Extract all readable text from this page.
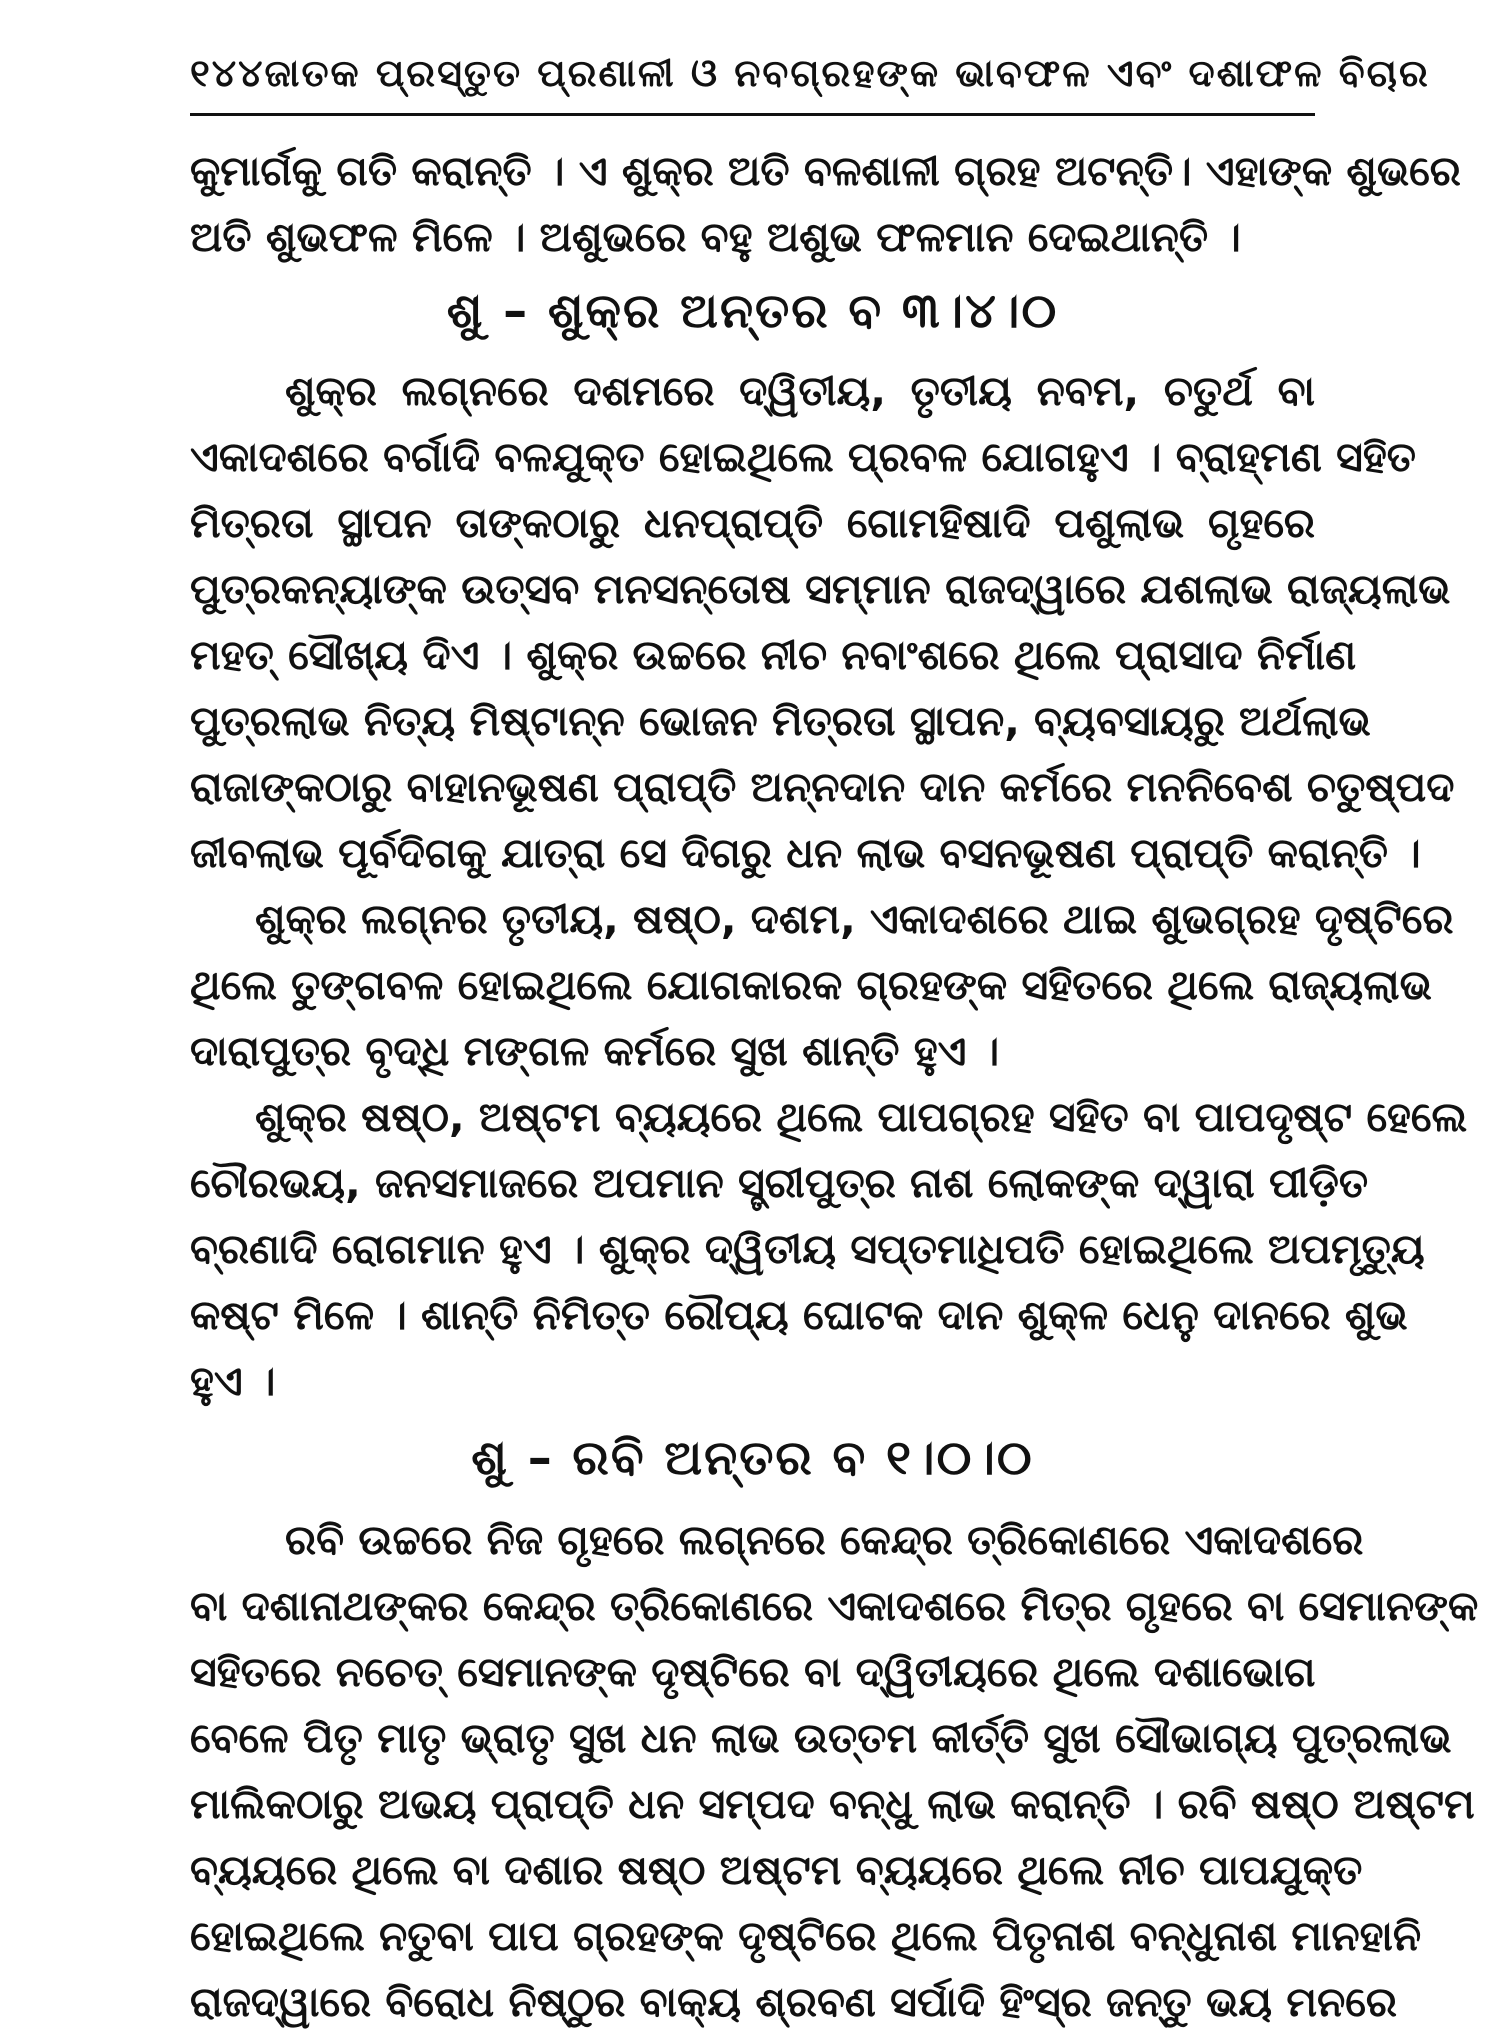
୧୪୪ ଜାତକ ପ୍ରସ୍ତୁତ ପ୍ରଣାଳୀ ଓ ନବଗ୍ରହଙ୍କ ଭାବଫଳ ଏବଂ ଦଶାଫଳ ବିଚାର
କୁମାର୍ଗକୁ ଗତି କରାନ୍ତି । ଏ ଶୁକ୍ର ଅତି ବଳଶାଳୀ ଗ୍ରହ ଅଟନ୍ତି। ଏହାଙ୍କ ଶୁଭରେ
ଅତି ଶୁଭଫଳ ମିଳେ । ଅଶୁଭରେ ବହୁ ଅଶୁଭ ଫଳମାନ ଦେଇଥାନ୍ତି ।
ଶୁ – ଶୁକ୍ର ଅନ୍ତର ବ ୩।୪।୦
ଶୁକ୍ର ଲଗ୍ନରେ ଦଶମରେ ଦ୍ୱିତୀୟ, ତୃତୀୟ ନବମ, ଚତୁର୍ଥ ବା
ଏକାଦଶରେ ବର୍ଗାଦି ବଳଯୁକ୍ତ ହୋଇଥିଲେ ପ୍ରବଳ ଯୋଗହୁଏ । ବ୍ରାହ୍ମଣ ସହିତ
ମିତ୍ରତା ସ୍ଥାପନ ତାଙ୍କଠାରୁ ଧନପ୍ରାପ୍ତି ଗୋମହିଷାଦି ପଶୁଲାଭ ଗୃହରେ
ପୁତ୍ରକନ୍ୟାଙ୍କ ଉତ୍ସବ ମନସନ୍ତୋଷ ସମ୍ମାନ ରାଜଦ୍ୱାରେ ଯଶଲାଭ ରାଜ୍ୟଲାଭ
ମହତ୍ ସୌଖ୍ୟ ଦିଏ । ଶୁକ୍ର ଉଚ୍ଚରେ ନୀଚ ନବାଂଶରେ ଥିଲେ ପ୍ରାସାଦ ନିର୍ମାଣ
ପୁତ୍ରଲାଭ ନିତ୍ୟ ମିଷ୍ଟାନ୍ନ ଭୋଜନ ମିତ୍ରତା ସ୍ଥାପନ, ବ୍ୟବସାୟରୁ ଅର୍ଥଲାଭ
ରାଜାଙ୍କଠାରୁ ବାହାନଭୂଷଣ ପ୍ରାପ୍ତି ଅନ୍ନଦାନ ଦାନ କର୍ମରେ ମନନିବେଶ ଚତୁଷ୍ପଦ
ଜୀବଲାଭ ପୂର୍ବଦିଗକୁ ଯାତ୍ରା ସେ ଦିଗରୁ ଧନ ଲାଭ ବସନଭୂଷଣ ପ୍ରାପ୍ତି କରାନ୍ତି ।
ଶୁକ୍ର ଲଗ୍ନର ତୃତୀୟ, ଷଷ୍ଠ, ଦଶମ, ଏକାଦଶରେ ଥାଇ ଶୁଭଗ୍ରହ ଦୃଷ୍ଟିରେ
ଥିଲେ ତୁଙ୍ଗବଳ ହୋଇଥିଲେ ଯୋଗକାରକ ଗ୍ରହଙ୍କ ସହିତରେ ଥିଲେ ରାଜ୍ୟଲାଭ
ଦାରାପୁତ୍ର ବୃଦ୍ଧି ମଙ୍ଗଳ କର୍ମରେ ସୁଖ ଶାନ୍ତି ହୁଏ ।
ଶୁକ୍ର ଷଷ୍ଠ, ଅଷ୍ଟମ ବ୍ୟୟରେ ଥିଲେ ପାପଗ୍ରହ ସହିତ ବା ପାପଦୃଷ୍ଟ ହେଲେ
ଚୌରଭୟ, ଜନସମାଜରେ ଅପମାନ ସ୍ତ୍ରୀପୁତ୍ର ନାଶ ଲୋକଙ୍କ ଦ୍ୱାରା ପୀଡ଼ିତ
ବ୍ରଣାଦି ରୋଗମାନ ହୁଏ । ଶୁକ୍ର ଦ୍ୱିତୀୟ ସପ୍ତମାଧିପତି ହୋଇଥିଲେ ଅପମୃତ୍ୟୁ
କଷ୍ଟ ମିଳେ । ଶାନ୍ତି ନିମିତ୍ତ ରୌପ୍ୟ ଘୋଟକ ଦାନ ଶୁକ୍ଳ ଧେନୁ ଦାନରେ ଶୁଭ
ହୁଏ ।
ଶୁ – ରବି ଅନ୍ତର ବ ୧।୦।୦
ରବି ଉଚ୍ଚରେ ନିଜ ଗୃହରେ ଲଗ୍ନରେ କେନ୍ଦ୍ର ତ୍ରିକୋଣରେ ଏକାଦଶରେ
ବା ଦଶାନାଥଙ୍କର କେନ୍ଦ୍ର ତ୍ରିକୋଣରେ ଏକାଦଶରେ ମିତ୍ର ଗୃହରେ ବା ସେମାନଙ୍କ
ସହିତରେ ନଚେତ୍ ସେମାନଙ୍କ ଦୃଷ୍ଟିରେ ବା ଦ୍ୱିତୀୟରେ ଥିଲେ ଦଶାଭୋଗ
ବେଳେ ପିତୃ ମାତୃ ଭ୍ରାତୃ ସୁଖ ଧନ ଲାଭ ଉତ୍ତମ କୀର୍ତ୍ତି ସୁଖ ସୌଭାଗ୍ୟ ପୁତ୍ରଲାଭ
ମାଲିକଠାରୁ ଅଭୟ ପ୍ରାପ୍ତି ଧନ ସମ୍ପଦ ବନ୍ଧୁ ଲାଭ କରାନ୍ତି । ରବି ଷଷ୍ଠ ଅଷ୍ଟମ
ବ୍ୟୟରେ ଥିଲେ ବା ଦଶାର ଷଷ୍ଠ ଅଷ୍ଟମ ବ୍ୟୟରେ ଥିଲେ ନୀଚ ପାପଯୁକ୍ତ
ହୋଇଥିଲେ ନତୁବା ପାପ ଗ୍ରହଙ୍କ ଦୃଷ୍ଟିରେ ଥିଲେ ପିତୃନାଶ ବନ୍ଧୁନାଶ ମାନହାନି
ରାଜଦ୍ୱାରେ ବିରୋଧ ନିଷ୍ଠୁର ବାକ୍ୟ ଶ୍ରବଣ ସର୍ପାଦି ହିଂସ୍ର ଜନ୍ତୁ ଭୟ ମନରେ
